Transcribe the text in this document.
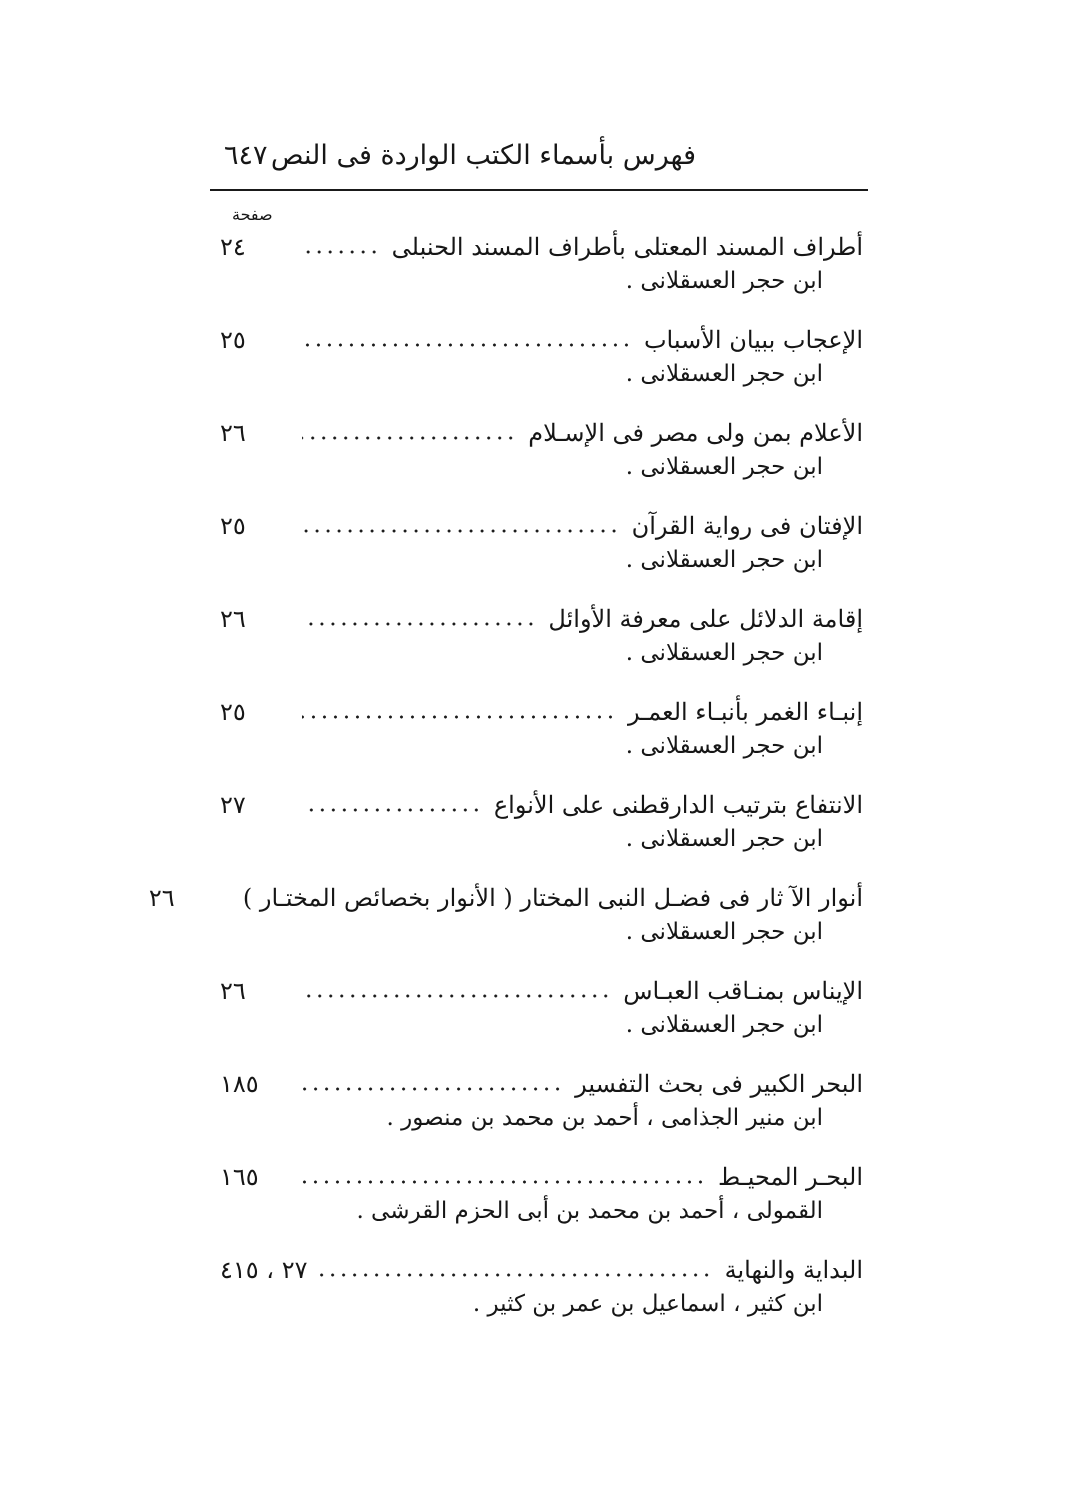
فهرس بأسماء الكتب الواردة فى النص
٦٤٧
صفحة
أطراف المسند المعتلى بأطراف المسند الحنبلى
٢٤
ابن حجر العسقلانى .
الإعجاب ببيان الأسباب
٢٥
ابن حجر العسقلانى .
الأعلام بمن ولى مصر فى الإسـلام
٢٦
ابن حجر العسقلانى .
الإفتان فى رواية القرآن
٢٥
ابن حجر العسقلانى .
إقامة الدلائل على معرفة الأوائل
٢٦
ابن حجر العسقلانى .
إنبـاء الغمر بأنبـاء العمـر
٢٥
ابن حجر العسقلانى .
الانتفاع بترتيب الدارقطنى على الأنواع
٢٧
ابن حجر العسقلانى .
أنوار الآ ثار فى فضـل النبى المختار ( الأنوار بخصائص المختـار )
٢٦
ابن حجر العسقلانى .
الإيناس بمنـاقب العبـاس
٢٦
ابن حجر العسقلانى .
البحر الكبير فى بحث التفسير
١٨٥
ابن منير الجذامى ، أحمد بن محمد بن منصور .
البحـر المحيـط
١٦٥
القمولى ، أحمد بن محمد بن أبى الحزم القرشى .
البداية والنهاية
٢٧ ، ٤١٥
ابن كثير ، اسماعيل بن عمر بن كثير .
